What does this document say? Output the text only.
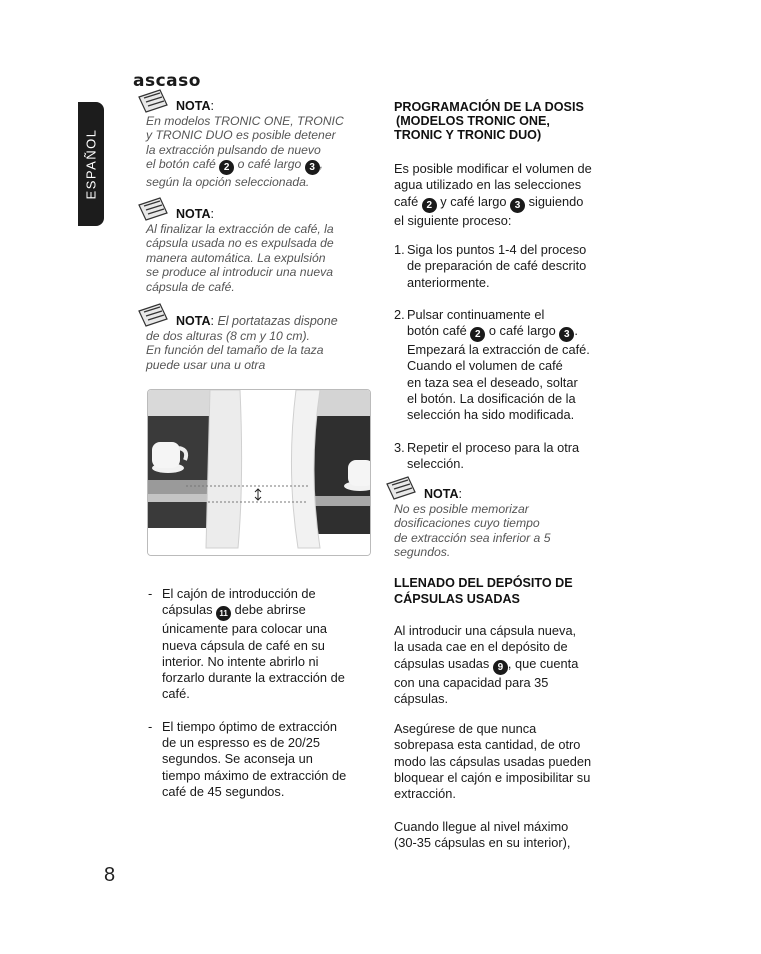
ascaso
ESPAÑOL
NOTA:
En modelos TRONIC ONE, TRONIC
y TRONIC DUO es posible detener
la extracción pulsando de nuevo
el botón café 2 o café largo 3 ,
según la opción seleccionada.
NOTA:
Al finalizar la extracción de café, la
cápsula usada no es expulsada de
manera automática. La expulsión
se produce al introducir una nueva
cápsula de café.
NOTA: El portatazas dispone
de dos alturas (8 cm y 10 cm).
En función del tamaño de la taza
puede usar una u otra
- El cajón de introducción de
cápsulas 11 debe abrirse
únicamente para colocar una
nueva cápsula de café en su
interior. No intente abrirlo ni
forzarlo durante la extracción de
café.
- El tiempo óptimo de extracción
de un espresso es de 20/25
segundos. Se aconseja un
tiempo máximo de extracción de
café de 45 segundos.
PROGRAMACIÓN DE LA DOSIS
(MODELOS TRONIC ONE,
TRONIC Y TRONIC DUO)
Es posible modificar el volumen de
agua utilizado en las selecciones
café 2 y café largo 3 siguiendo
el siguiente proceso:
1. Siga los puntos 1-4 del proceso
de preparación de café descrito
anteriormente.
2. Pulsar continuamente el
botón café 2 o café largo 3 .
Empezará la extracción de café.
Cuando el volumen de café
en taza sea el deseado, soltar
el botón. La dosificación de la
selección ha sido modificada.
3. Repetir el proceso para la otra
selección.
NOTA:
No es posible memorizar
dosificaciones cuyo tiempo
de extracción sea inferior a 5
segundos.
LLENADO DEL DEPÓSITO DE
CÁPSULAS USADAS
Al introducir una cápsula nueva,
la usada cae en el depósito de
cápsulas usadas 9 , que cuenta
con una capacidad para 35
cápsulas.
Asegúrese de que nunca
sobrepasa esta cantidad, de otro
modo las cápsulas usadas pueden
bloquear el cajón e imposibilitar su
extracción.
Cuando llegue al nivel máximo
(30-35 cápsulas en su interior),
8
